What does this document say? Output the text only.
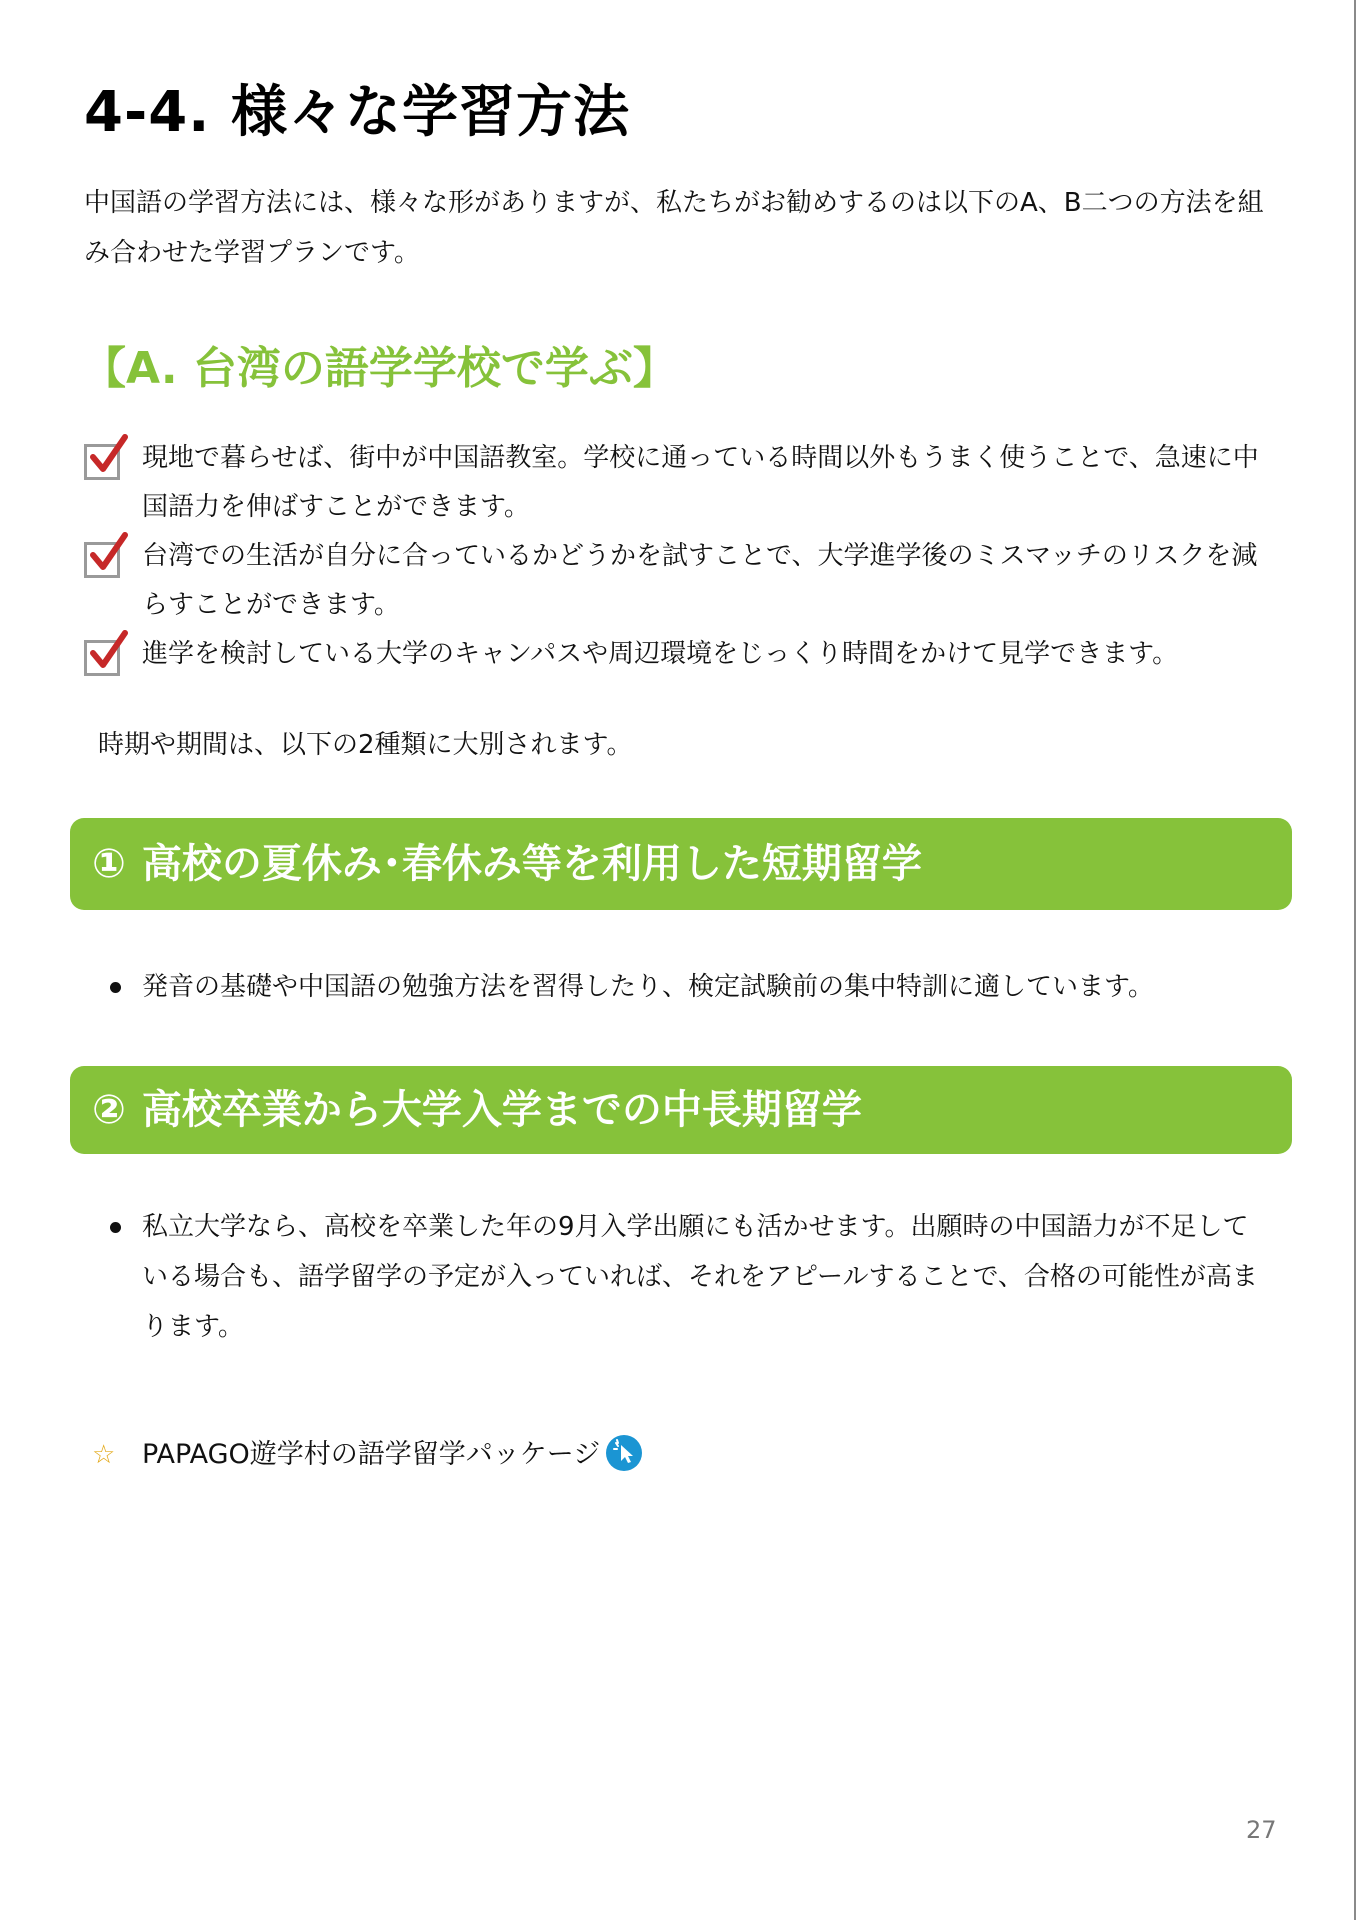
4-4. 様々な学習方法

中国語の学習方法には、様々な形がありますが、私たちがお勧めするのは以下のA、B二つの方法を組み合わせた学習プランです。

【A. 台湾の語学学校で学ぶ】
現地で暮らせば、街中が中国語教室。学校に通っている時間以外もうまく使うことで、急速に中国語力を伸ばすことができます。
台湾での生活が自分に合っているかどうかを試すことで、大学進学後のミスマッチのリスクを減らすことができます。
進学を検討している大学のキャンパスや周辺環境をじっくり時間をかけて見学できます。

時期や期間は、以下の2種類に大別されます。

① 高校の夏休み･春休み等を利用した短期留学
発音の基礎や中国語の勉強方法を習得したり、検定試験前の集中特訓に適しています。
② 高校卒業から大学入学までの中長期留学
私立大学なら、高校を卒業した年の9月入学出願にも活かせます。出願時の中国語力が不足している場合も、語学留学の予定が入っていれば、それをアピールすることで、合格の可能性が高まります。
☆ PAPAGO遊学村の語学留学パッケージ
27
